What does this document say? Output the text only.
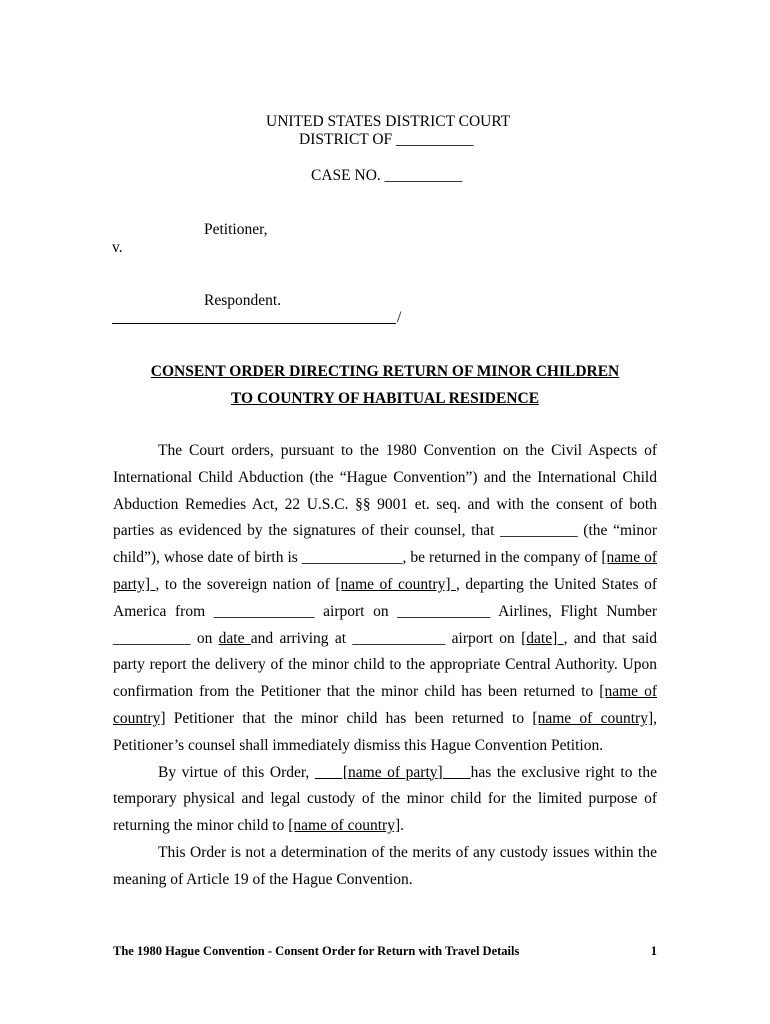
UNITED STATES DISTRICT COURT
DISTRICT OF __________
CASE NO. __________
Petitioner,
v.
Respondent.
/
CONSENT ORDER DIRECTING RETURN OF MINOR CHILDREN
TO COUNTRY OF HABITUAL RESIDENCE

The Court orders, pursuant to the 1980 Convention on the Civil Aspects of International Child Abduction (the “Hague Convention”) and the International Child Abduction Remedies Act, 22 U.S.C. §§ 9001 et. seq. and with the consent of both parties as evidenced by the signatures of their counsel, that __________ (the “minor child”), whose date of birth is _____________, be returned in the company of [name of party] , to the sovereign nation of [name of country] , departing the United States of America from _____________ airport on ____________ Airlines, Flight Number __________ on date and arriving at ____________ airport on [date] , and that said party report the delivery of the minor child to the appropriate Central Authority. Upon confirmation from the Petitioner that the minor child has been returned to [name of country] Petitioner that the minor child has been returned to [name of country], Petitioner’s counsel shall immediately dismiss this Hague Convention Petition.

By virtue of this Order,      [name of party]     has the exclusive right to the temporary physical and legal custody of the minor child for the limited purpose of returning the minor child to [name of country].

This Order is not a determination of the merits of any custody issues within the meaning of Article 19 of the Hague Convention.

The 1980 Hague Convention - Consent Order for Return with Travel Details	1
